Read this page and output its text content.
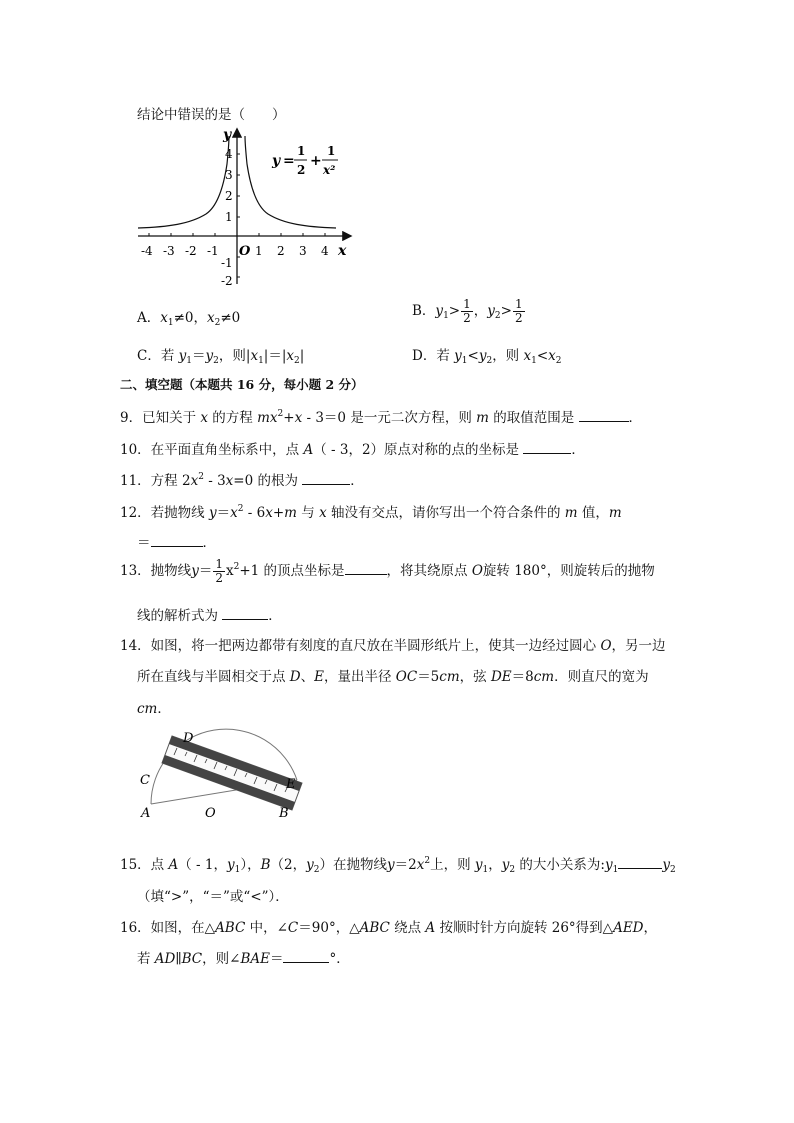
结论中错误的是（　　）
y
x
O
-4 -3 -2 -1	1 2 3 4
4
3
2
1
-1
-2
y =
1
2
+
1
x²
A．$x_1\ne 0$，$x_2\ne 0$	B．$y_1> \frac{1}{2}$ ，$y_2> \frac{1}{2}$
C．若 $y_1=y_2$，则$|x_1|=|x_2|$	D．若 $y_1<y_2$，则 $x_1<x_2$
二、填空题（本题共 16 分，每小题 2 分）
9．已知关于 x 的方程 $mx^2+x - 3=0$ 是一元二次方程，则 m 的取值范围是	．
10．在平面直角坐标系中，点 A（ - 3，2）原点对称的点的坐标是	．
11．方程 $2x^2 - 3x=0$ 的根为	．
12．若抛物线 $y=x^2 - 6x+m$ 与 x 轴没有交点，请你写出一个符合条件的 m 值，m
＝	．
13．抛物线$y= \frac{1}{2} x^2+1$ 的顶点坐标是	，将其绕原点 O旋转 180°，则旋转后的抛物
线的解析式为	．
14．如图，将一把两边都带有刻度的直尺放在半圆形纸片上，使其一边经过圆心 O，另一边
所在直线与半圆相交于点 D、E，量出半径 OC＝5cm，弦 DE＝8cm．则直尺的宽为
cm．
D
E
C
A	O	B
15．点 A（ - 1，$y_1$），B（2，$y_2$）在抛物线$y=2x^2$上，则 $y_1$，$y_2$ 的大小关系为$:y_1$	$y_2$
（填“>”，“＝”或“<”）．
16．如图，在△ABC 中，∠C＝90°，△ABC 绕点 A 按顺时针方向旋转 26°得到△AED，
若 AD∥BC，则∠BAE＝	°．
